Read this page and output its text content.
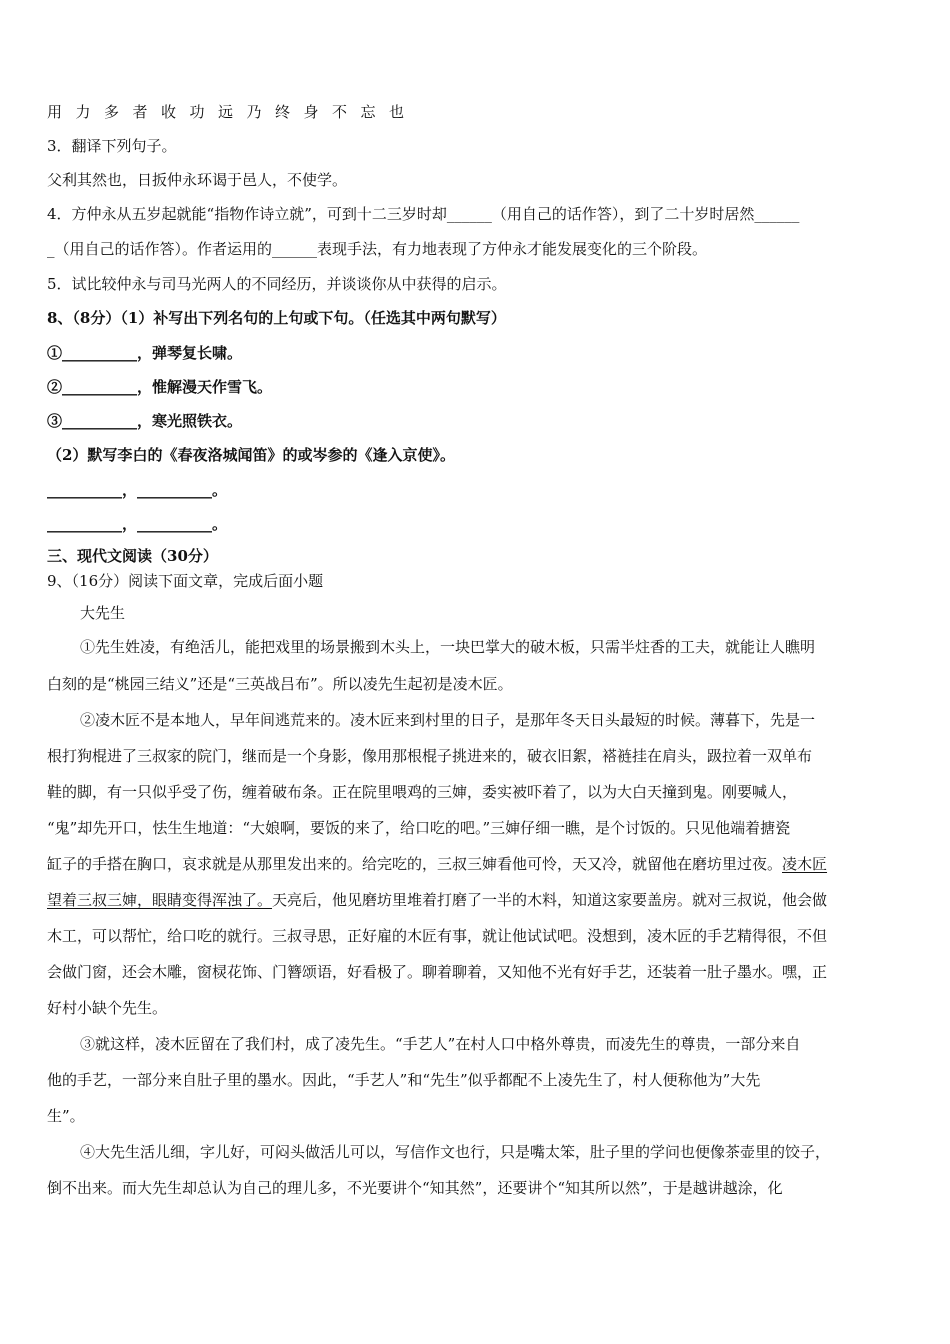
用力多者收功远乃终身不忘也
3．翻译下列句子。
父利其然也，日扳仲永环谒于邑人，不使学。
4．方仲永从五岁起就能“指物作诗立就”，可到十二三岁时却______（用自己的话作答），到了二十岁时居然______
_（用自己的话作答）。作者运用的______表现手法，有力地表现了方仲永才能发展变化的三个阶段。
5．试比较仲永与司马光两人的不同经历，并谈谈你从中获得的启示。
8、（8分）（1）补写出下列名句的上句或下句。（任选其中两句默写）
①__________，弹琴复长啸。
②__________，惟解漫天作雪飞。
③__________，寒光照铁衣。
（2）默写李白的《春夜洛城闻笛》的或岑参的《逢入京使》。
__________，__________。
__________，__________。
三、现代文阅读（30分）
9、（16分）阅读下面文章，完成后面小题
大先生
①先生姓凌，有绝活儿，能把戏里的场景搬到木头上，一块巴掌大的破木板，只需半炷香的工夫，就能让人瞧明
白刻的是“桃园三结义”还是“三英战吕布”。所以凌先生起初是凌木匠。
②凌木匠不是本地人，早年间逃荒来的。凌木匠来到村里的日子，是那年冬天日头最短的时候。薄暮下，先是一
根打狗棍进了三叔家的院门，继而是一个身影，像用那根棍子挑进来的，破衣旧絮，褡裢挂在肩头，趿拉着一双单布
鞋的脚，有一只似乎受了伤，缠着破布条。正在院里喂鸡的三婶，委实被吓着了，以为大白天撞到鬼。刚要喊人，
“鬼”却先开口，怯生生地道：“大娘啊，要饭的来了，给口吃的吧。”三婶仔细一瞧，是个讨饭的。只见他端着搪瓷
缸子的手搭在胸口，哀求就是从那里发出来的。给完吃的，三叔三婶看他可怜，天又冷，就留他在磨坊里过夜。凌木匠
望着三叔三婶，眼睛变得浑浊了。天亮后，他见磨坊里堆着打磨了一半的木料，知道这家要盖房。就对三叔说，他会做
木工，可以帮忙，给口吃的就行。三叔寻思，正好雇的木匠有事，就让他试试吧。没想到，凌木匠的手艺精得很，不但
会做门窗，还会木雕，窗棂花饰、门簪颂语，好看极了。聊着聊着，又知他不光有好手艺，还装着一肚子墨水。嘿，正
好村小缺个先生。
③就这样，凌木匠留在了我们村，成了凌先生。“手艺人”在村人口中格外尊贵，而凌先生的尊贵，一部分来自
他的手艺，一部分来自肚子里的墨水。因此，“手艺人”和“先生”似乎都配不上凌先生了，村人便称他为”大先
生”。
④大先生活儿细，字儿好，可闷头做活儿可以，写信作文也行，只是嘴太笨，肚子里的学问也便像茶壶里的饺子，
倒不出来。而大先生却总认为自己的理儿多，不光要讲个“知其然”，还要讲个“知其所以然”，于是越讲越涂，化
